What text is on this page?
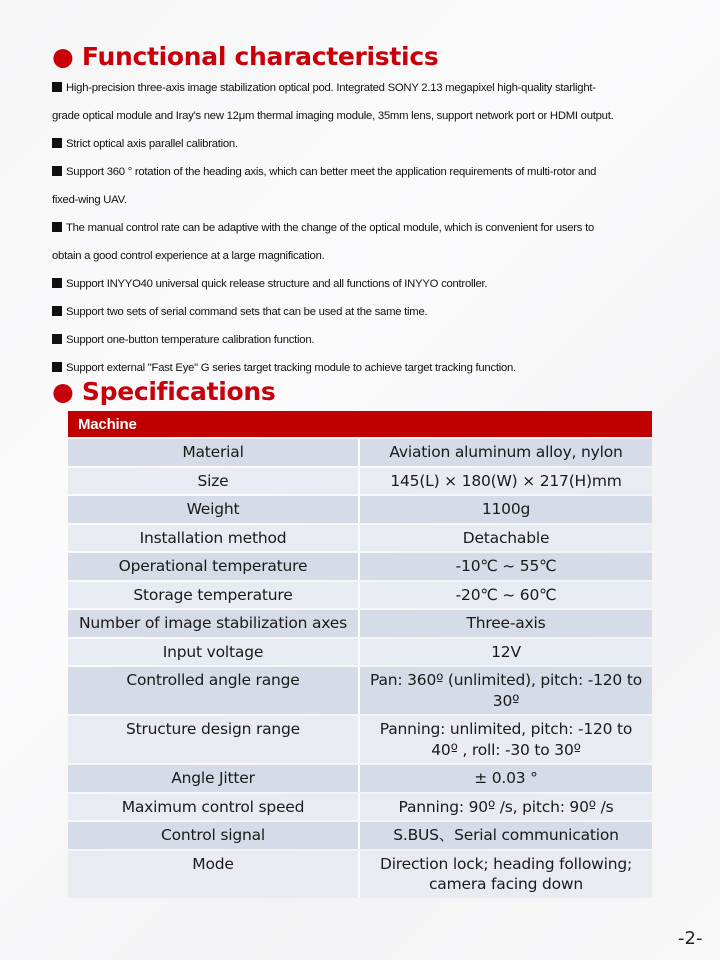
● Functional characteristics

High-precision three-axis image stabilization optical pod. Integrated SONY 2.13 megapixel high-quality starlight-

grade optical module and Iray's new 12μm thermal imaging module, 35mm lens, support network port or HDMI output.

Strict optical axis parallel calibration.

Support 360 ° rotation of the heading axis, which can better meet the application requirements of multi-rotor and

fixed-wing UAV.

The manual control rate can be adaptive with the change of the optical module, which is convenient for users to

obtain a good control experience at a large magnification.

Support INYYO40 universal quick release structure and all functions of INYYO controller.

Support two sets of serial command sets that can be used at the same time.

Support one-button temperature calibration function.

Support external "Fast Eye" G series target tracking module to achieve target tracking function.

● Specifications
Machine	
Material	Aviation aluminum alloy, nylon
Size	145(L) × 180(W) × 217(H)mm
Weight	1100g
Installation method	Detachable
Operational temperature	-10℃ ~ 55℃
Storage temperature	-20℃ ~ 60℃
Number of image stabilization axes	Three-axis
Input voltage	12V
Controlled angle range	Pan: 360º (unlimited), pitch: -120 to 30º
Structure design range	Panning: unlimited, pitch: -120 to 40º , roll: -30 to 30º
Angle Jitter	± 0.03 °
Maximum control speed	Panning: 90º /s, pitch: 90º /s
Control signal	S.BUS、Serial communication
Mode	Direction lock; heading following; camera facing down
-2-
